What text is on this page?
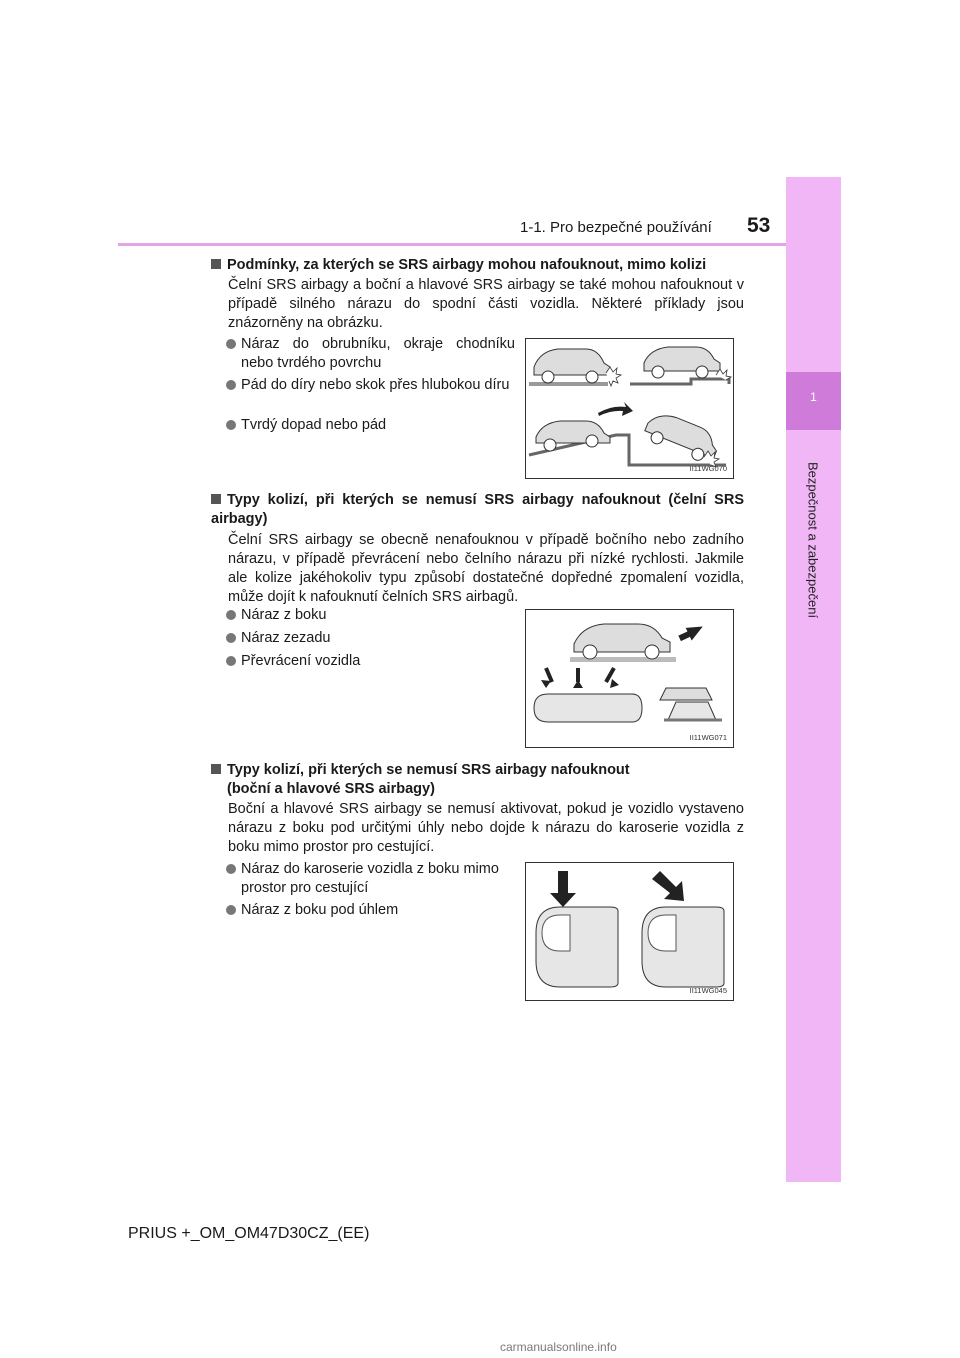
1-1. Pro bezpečné používání 53
1
Bezpečnost a zabezpečení
Podmínky, za kterých se SRS airbagy mohou nafouknout, mimo kolizi
Čelní SRS airbagy a boční a hlavové SRS airbagy se také mohou nafouknout v případě silného nárazu do spodní části vozidla. Některé příklady jsou znázorněny na obrázku.
Náraz do obrubníku, okraje chodníku nebo tvrdého povrchu
Pád do díry nebo skok přes hlubokou díru
Tvrdý dopad nebo pád
II11WG070
Typy kolizí, při kterých se nemusí SRS airbagy nafouknout (čelní SRS airbagy)
Čelní SRS airbagy se obecně nenafouknou v případě bočního nebo zadního nárazu, v případě převrácení nebo čelního nárazu při nízké rychlosti. Jakmile ale kolize jakéhokoliv typu způsobí dostatečné dopředné zpomalení vozidla, může dojít k nafouknutí čelních SRS airbagů.
Náraz z boku
Náraz zezadu
Převrácení vozidla
II11WG071
Typy kolizí, při kterých se nemusí SRS airbagy nafouknout
(boční a hlavové SRS airbagy)
Boční a hlavové SRS airbagy se nemusí aktivovat, pokud je vozidlo vystaveno nárazu z boku pod určitými úhly nebo dojde k nárazu do karoserie vozidla z boku mimo prostor pro cestující.
Náraz do karoserie vozidla z boku mimo prostor pro cestující
Náraz z boku pod úhlem
II11WG045
PRIUS +_OM_OM47D30CZ_(EE)
carmanualsonline.info
